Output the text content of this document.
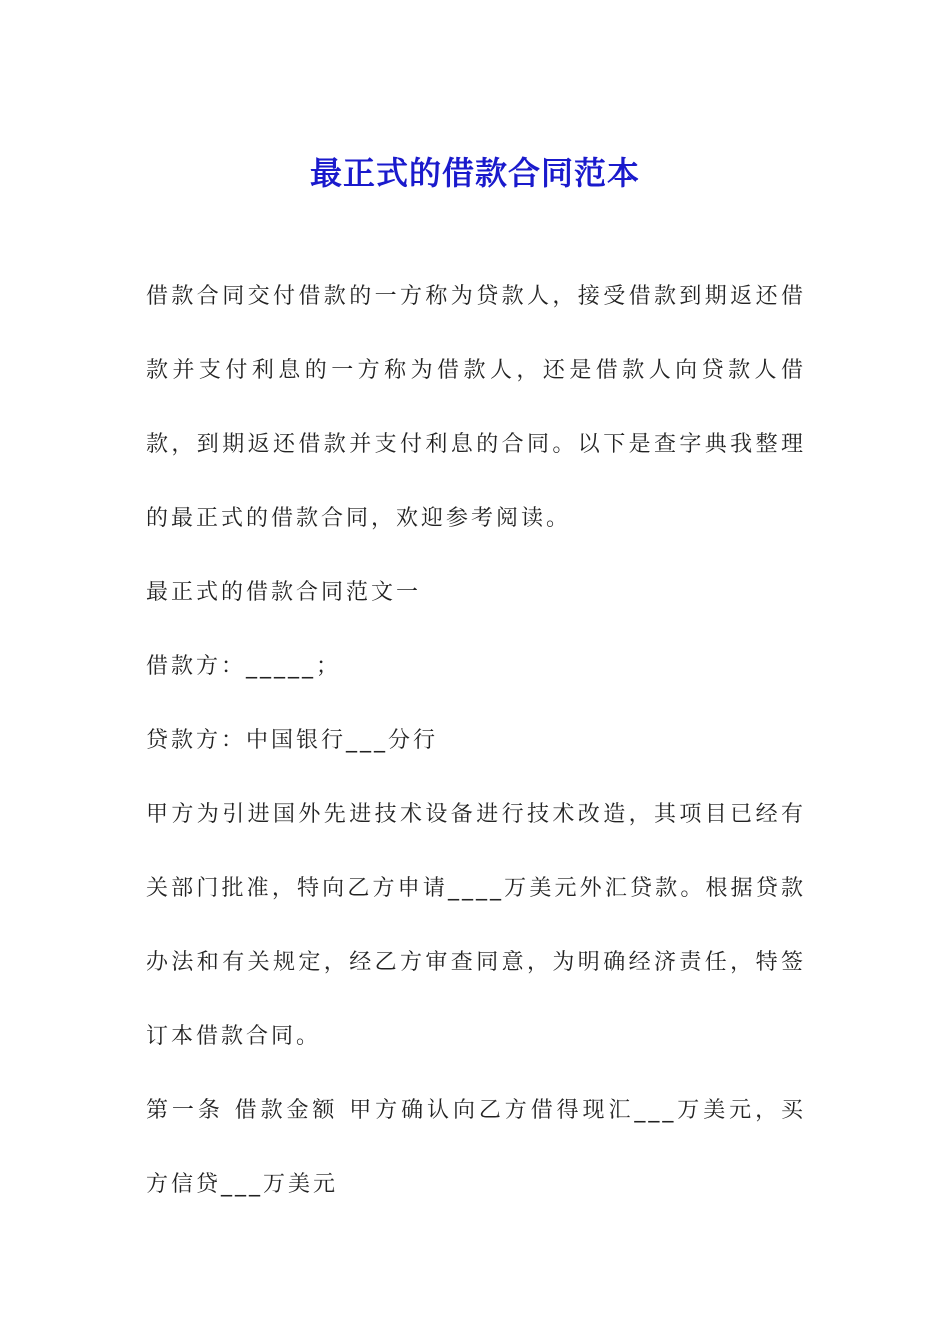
最正式的借款合同范本

借款合同交付借款的一方称为贷款人，接受借款到期返还借款并支付利息的一方称为借款人，还是借款人向贷款人借款，到期返还借款并支付利息的合同。以下是查字典我整理的最正式的借款合同，欢迎参考阅读。

最正式的借款合同范文一

借款方：_____；

贷款方：中国银行___分行

甲方为引进国外先进技术设备进行技术改造，其项目已经有关部门批准，特向乙方申请____万美元外汇贷款。根据贷款办法和有关规定，经乙方审查同意，为明确经济责任，特签订本借款合同。

第一条 借款金额 甲方确认向乙方借得现汇___万美元，买方信贷___万美元
